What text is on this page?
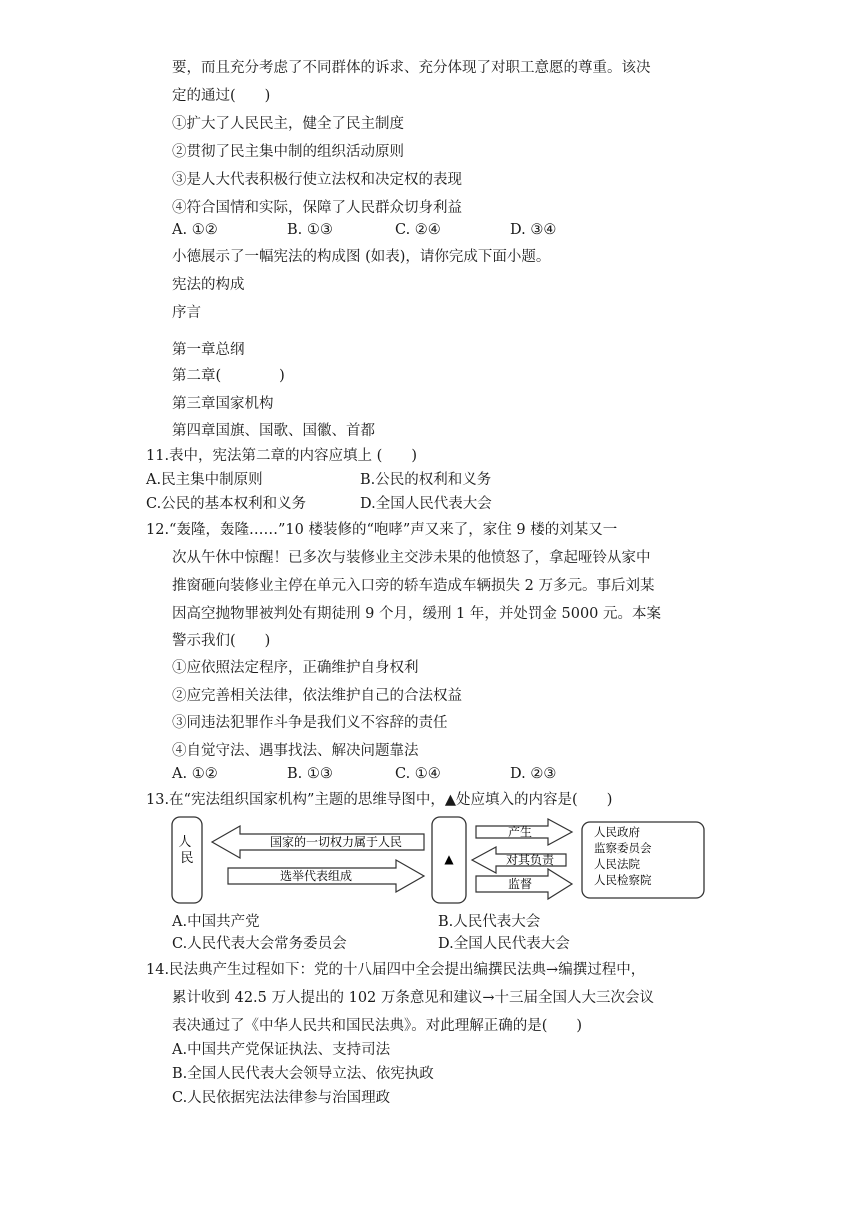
要，而且充分考虑了不同群体的诉求、充分体现了对职工意愿的尊重。该决
定的通过(　　)
①扩大了人民民主，健全了民主制度
②贯彻了民主集中制的组织活动原则
③是人大代表积极行使立法权和决定权的表现
④符合国情和实际，保障了人民群众切身利益
A. ①②	B. ①③	C. ②④	D. ③④
小德展示了一幅宪法的构成图 (如表)，请你完成下面小题。
宪法的构成
序言
第一章总纲
第二章(　　　　)
第三章国家机构
第四章国旗、国歌、国徽、首都
11.表中，宪法第二章的内容应填上 (　　)
A.民主集中制原则	B.公民的权利和义务
C.公民的基本权利和义务	D.全国人民代表大会
12.“轰隆，轰隆……”10 楼装修的“咆哮”声又来了，家住 9 楼的刘某又一
次从午休中惊醒！已多次与装修业主交涉未果的他愤怒了，拿起哑铃从家中
推窗砸向装修业主停在单元入口旁的轿车造成车辆损失 2 万多元。事后刘某
因高空抛物罪被判处有期徒刑 9 个月，缓刑 1 年，并处罚金 5000 元。本案
警示我们(　　)
①应依照法定程序，正确维护自身权利
②应完善相关法律，依法维护自己的合法权益
③同违法犯罪作斗争是我们义不容辞的责任
④自觉守法、遇事找法、解决问题靠法
A. ①②	B. ①③	C. ①④	D. ②③
13.在“宪法组织国家机构”主题的思维导图中，▲处应填入的内容是(　　)
人 民
国家的一切权力属于人民
选举代表组成
▲
产生
对其负责
监督
人民政府
监察委员会
人民法院
人民检察院
A.中国共产党	B.人民代表大会
C.人民代表大会常务委员会	D.全国人民代表大会
14.民法典产生过程如下：党的十八届四中全会提出编撰民法典→编撰过程中，
累计收到 42.5 万人提出的 102 万条意见和建议→十三届全国人大三次会议
表决通过了《中华人民共和国民法典》。对此理解正确的是(　　)
A.中国共产党保证执法、支持司法
B.全国人民代表大会领导立法、依宪执政
C.人民依据宪法法律参与治国理政
